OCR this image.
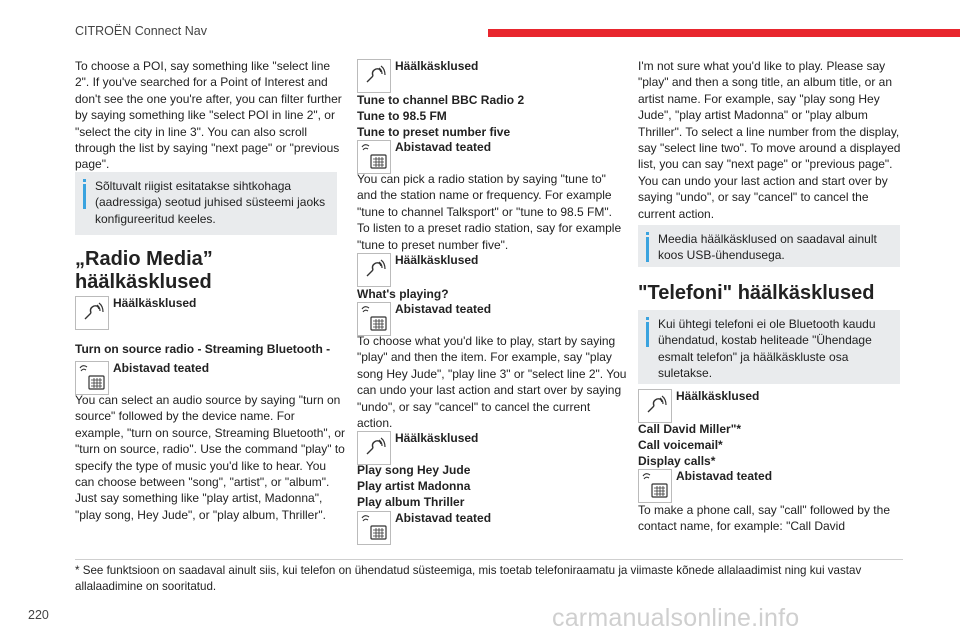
CITROËN Connect Nav

To choose a POI, say something like "select line 2". If you've searched for a Point of Interest and don't see the one you're after, you can filter further by saying something like "select POI in line 2", or "select the city in line 3". You can also scroll through the list by saying "next page" or "previous page".

Sõltuvalt riigist esitatakse sihtkohaga (aadressiga) seotud juhised süsteemi jaoks konfigureeritud keeles.

„Radio Media” häälkäsklused
Häälkäsklused

Turn on source radio - Streaming Bluetooth -

Abistavad teated

You can select an audio source by saying "turn on source" followed by the device name. For example, "turn on source, Streaming Bluetooth", or "turn on source, radio". Use the command "play" to specify the type of music you'd like to hear. You can choose between "song", "artist", or "album". Just say something like "play artist, Madonna", "play song, Hey Jude", or "play album, Thriller".

Häälkäsklused
Tune to channel BBC Radio 2
Tune to 98.5 FM
Tune to preset number five
Abistavad teated

You can pick a radio station by saying "tune to" and the station name or frequency. For example "tune to channel Talksport" or "tune to 98.5 FM". To listen to a preset radio station, say for example "tune to preset number five".

Häälkäsklused
What's playing?
Abistavad teated

To choose what you'd like to play, start by saying "play" and then the item. For example, say "play song Hey Jude", "play line 3" or "select line 2". You can undo your last action and start over by saying "undo", or say "cancel" to cancel the current action.

Häälkäsklused
Play song Hey Jude
Play artist Madonna
Play album Thriller
Abistavad teated

I'm not sure what you'd like to play. Please say "play" and then a song title, an album title, or an artist name. For example, say "play song Hey Jude", "play artist Madonna" or "play album Thriller". To select a line number from the display, say "select line two". To move around a displayed list, you can say "next page" or "previous page". You can undo your last action and start over by saying "undo", or say "cancel" to cancel the current action.

Meedia häälkäsklused on saadaval ainult koos USB-ühendusega.

"Telefoni" häälkäsklused

Kui ühtegi telefoni ei ole Bluetooth kaudu ühendatud, kostab heliteade "Ühendage esmalt telefon" ja häälkäskluste osa suletakse.

Häälkäsklused
Call David Miller"*
Call voicemail*
Display calls*
Abistavad teated

To make a phone call, say "call" followed by the contact name, for example: "Call David

* See funktsioon on saadaval ainult siis, kui telefon on ühendatud süsteemiga, mis toetab telefoniraamatu ja viimaste kõnede allalaadimist ning kui vastav allalaadimine on sooritatud.

220	carmanualsonline.info
